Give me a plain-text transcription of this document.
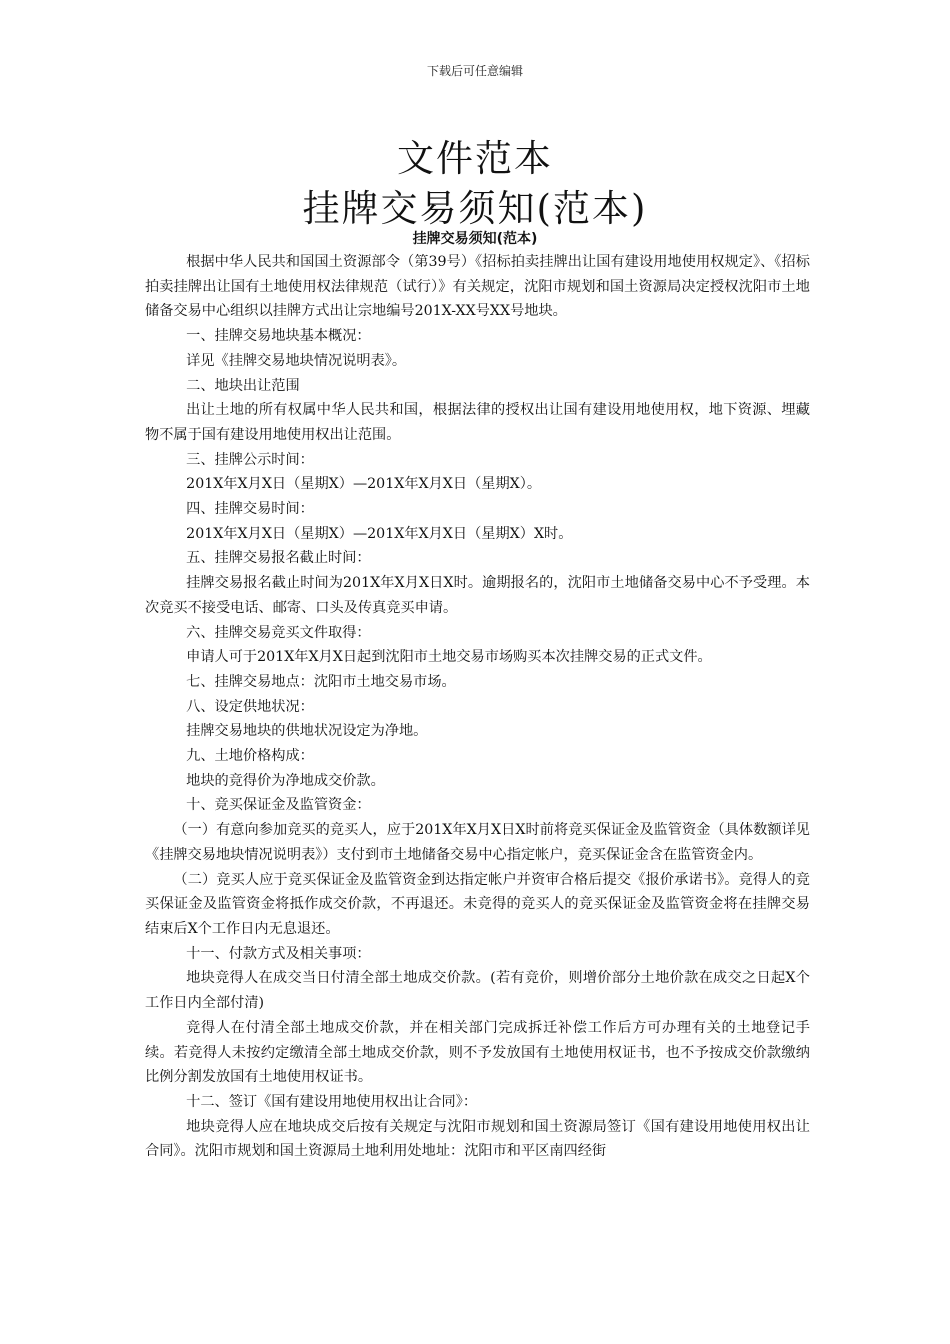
下载后可任意编辑
文件范本
挂牌交易须知(范本)
挂牌交易须知(范本)

根据中华人民共和国国土资源部令（第39号）《招标拍卖挂牌出让国有建设用地使用权规定》、《招标拍卖挂牌出让国有土地使用权法律规范（试行）》有关规定，沈阳市规划和国土资源局决定授权沈阳市土地储备交易中心组织以挂牌方式出让宗地编号201X-XX号XX号地块。

一、挂牌交易地块基本概况：

详见《挂牌交易地块情况说明表》。

二、地块出让范围

出让土地的所有权属中华人民共和国，根据法律的授权出让国有建设用地使用权，地下资源、埋藏物不属于国有建设用地使用权出让范围。

三、挂牌公示时间：

201X年X月X日（星期X）—201X年X月X日（星期X）。

四、挂牌交易时间：

201X年X月X日（星期X）—201X年X月X日（星期X）X时。

五、挂牌交易报名截止时间：

挂牌交易报名截止时间为201X年X月X日X时。逾期报名的，沈阳市土地储备交易中心不予受理。本次竞买不接受电话、邮寄、口头及传真竞买申请。

六、挂牌交易竞买文件取得：

申请人可于201X年X月X日起到沈阳市土地交易市场购买本次挂牌交易的正式文件。

七、挂牌交易地点：沈阳市土地交易市场。

八、设定供地状况：

挂牌交易地块的供地状况设定为净地。

九、土地价格构成：

地块的竞得价为净地成交价款。

十、竞买保证金及监管资金：

（一）有意向参加竞买的竞买人，应于201X年X月X日X时前将竞买保证金及监管资金（具体数额详见《挂牌交易地块情况说明表》）支付到市土地储备交易中心指定帐户，竞买保证金含在监管资金内。

（二）竞买人应于竞买保证金及监管资金到达指定帐户并资审合格后提交《报价承诺书》。竞得人的竞买保证金及监管资金将抵作成交价款，不再退还。未竞得的竞买人的竞买保证金及监管资金将在挂牌交易结束后X个工作日内无息退还。

十一、付款方式及相关事项：

地块竞得人在成交当日付清全部土地成交价款。(若有竞价，则增价部分土地价款在成交之日起X个工作日内全部付清)

竞得人在付清全部土地成交价款，并在相关部门完成拆迁补偿工作后方可办理有关的土地登记手续。若竞得人未按约定缴清全部土地成交价款，则不予发放国有土地使用权证书，也不予按成交价款缴纳比例分割发放国有土地使用权证书。

十二、签订《国有建设用地使用权出让合同》：

地块竞得人应在地块成交后按有关规定与沈阳市规划和国土资源局签订《国有建设用地使用权出让合同》。沈阳市规划和国土资源局土地利用处地址：沈阳市和平区南四经街
